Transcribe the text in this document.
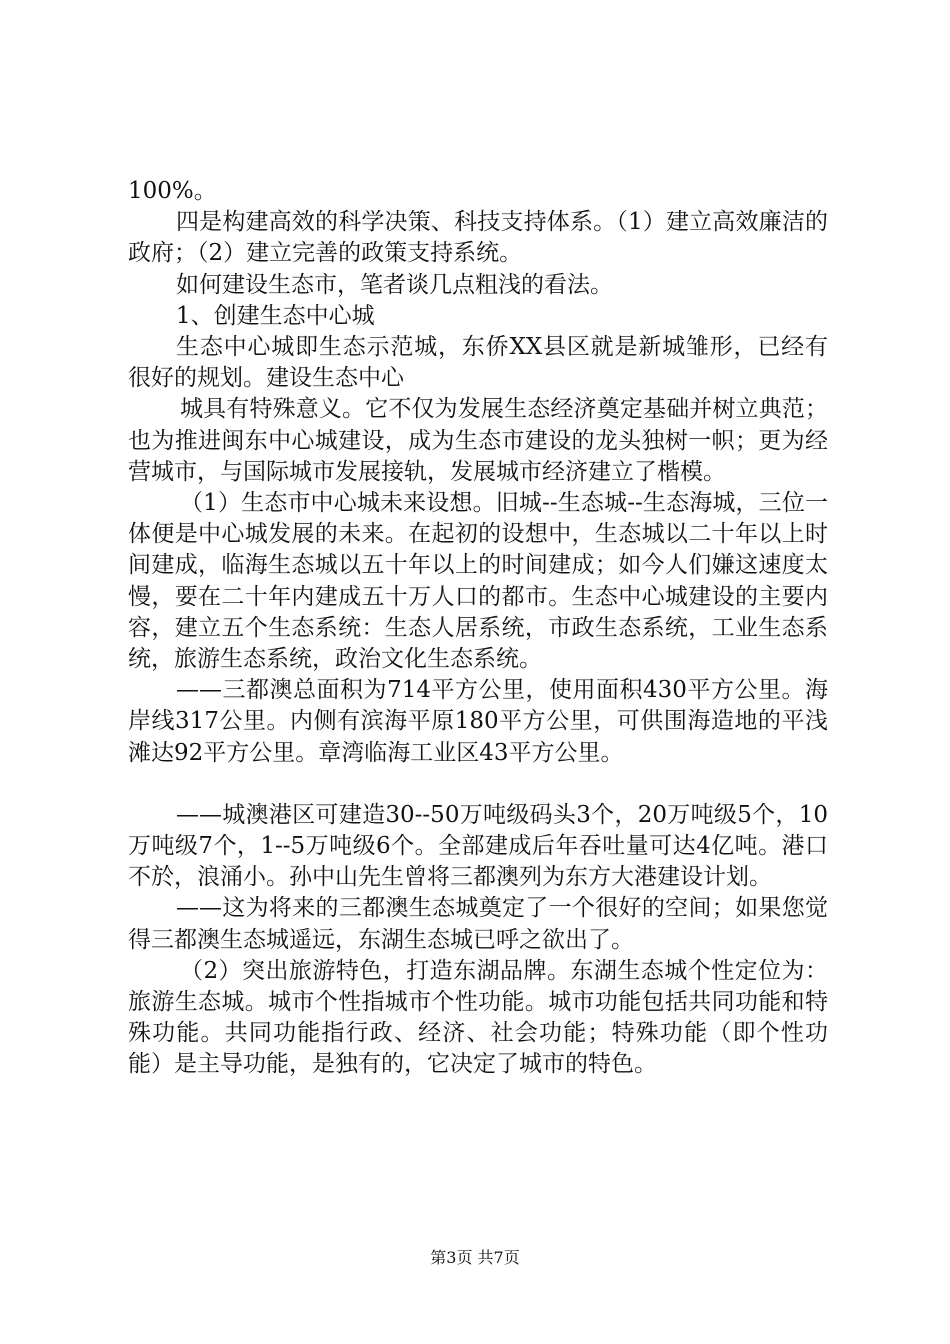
100%。

四是构建高效的科学决策、科技支持体系。（1）建立高效廉洁的政府；（2）建立完善的政策支持系统。

如何建设生态市，笔者谈几点粗浅的看法。

1、创建生态中心城

生态中心城即生态示范城，东侨XX县区就是新城雏形，已经有很好的规划。建设生态中心

城具有特殊意义。它不仅为发展生态经济奠定基础并树立典范；也为推进闽东中心城建设，成为生态市建设的龙头独树一帜；更为经营城市，与国际城市发展接轨，发展城市经济建立了楷模。

（1）生态市中心城未来设想。旧城--生态城--生态海城，三位一体便是中心城发展的未来。在起初的设想中，生态城以二十年以上时间建成，临海生态城以五十年以上的时间建成；如今人们嫌这速度太慢，要在二十年内建成五十万人口的都市。生态中心城建设的主要内容，建立五个生态系统：生态人居系统，市政生态系统，工业生态系统，旅游生态系统，政治文化生态系统。

——三都澳总面积为714平方公里，使用面积430平方公里。海岸线317公里。内侧有滨海平原180平方公里，可供围海造地的平浅滩达92平方公里。章湾临海工业区43平方公里。

——城澳港区可建造30--50万吨级码头3个，20万吨级5个，10万吨级7个，1--5万吨级6个。全部建成后年吞吐量可达4亿吨。港口不於，浪涌小。孙中山先生曾将三都澳列为东方大港建设计划。

——这为将来的三都澳生态城奠定了一个很好的空间；如果您觉得三都澳生态城遥远，东湖生态城已呼之欲出了。

（2）突出旅游特色，打造东湖品牌。东湖生态城个性定位为：旅游生态城。城市个性指城市个性功能。城市功能包括共同功能和特殊功能。共同功能指行政、经济、社会功能；特殊功能（即个性功能）是主导功能，是独有的，它决定了城市的特色。

第3页 共7页
